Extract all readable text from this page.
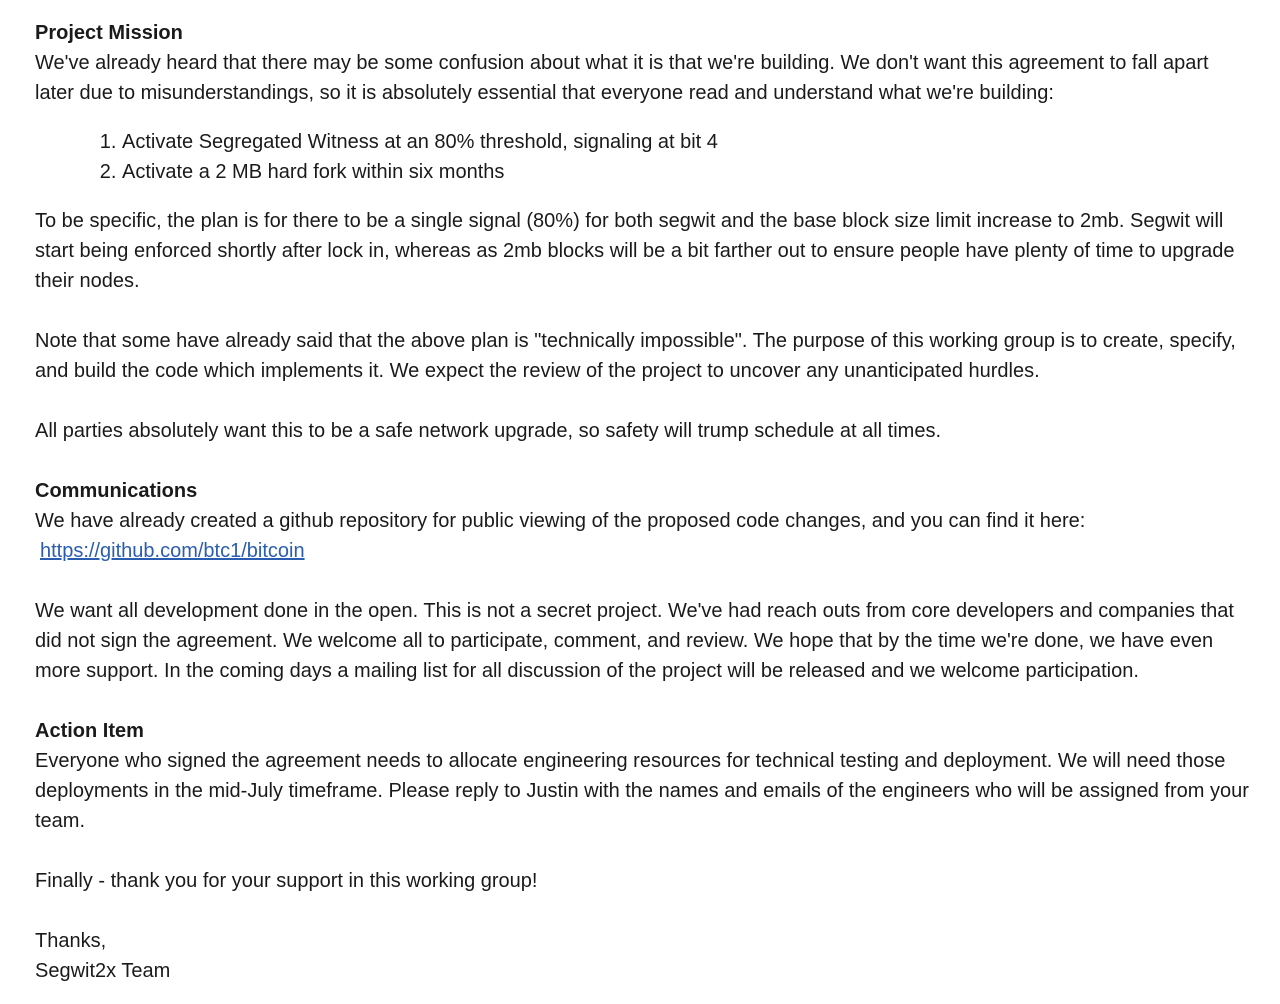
Project Mission

We've already heard that there may be some confusion about what it is that we're building. We don't want this agreement to fall apart later due to misunderstandings, so it is absolutely essential that everyone read and understand what we're building:

1. Activate Segregated Witness at an 80% threshold, signaling at bit 4
2. Activate a 2 MB hard fork within six months

To be specific, the plan is for there to be a single signal (80%) for both segwit and the base block size limit increase to 2mb. Segwit will start being enforced shortly after lock in, whereas as 2mb blocks will be a bit farther out to ensure people have plenty of time to upgrade their nodes.

Note that some have already said that the above plan is "technically impossible". The purpose of this working group is to create, specify, and build the code which implements it. We expect the review of the project to uncover any unanticipated hurdles.

All parties absolutely want this to be a safe network upgrade, so safety will trump schedule at all times.

Communications

We have already created a github repository for public viewing of the proposed code changes, and you can find it here:

https://github.com/btc1/bitcoin

We want all development done in the open. This is not a secret project. We've had reach outs from core developers and companies that did not sign the agreement. We welcome all to participate, comment, and review. We hope that by the time we're done, we have even more support. In the coming days a mailing list for all discussion of the project will be released and we welcome participation.

Action Item

Everyone who signed the agreement needs to allocate engineering resources for technical testing and deployment. We will need those deployments in the mid-July timeframe. Please reply to Justin with the names and emails of the engineers who will be assigned from your team.

Finally - thank you for your support in this working group!

Thanks,

Segwit2x Team
